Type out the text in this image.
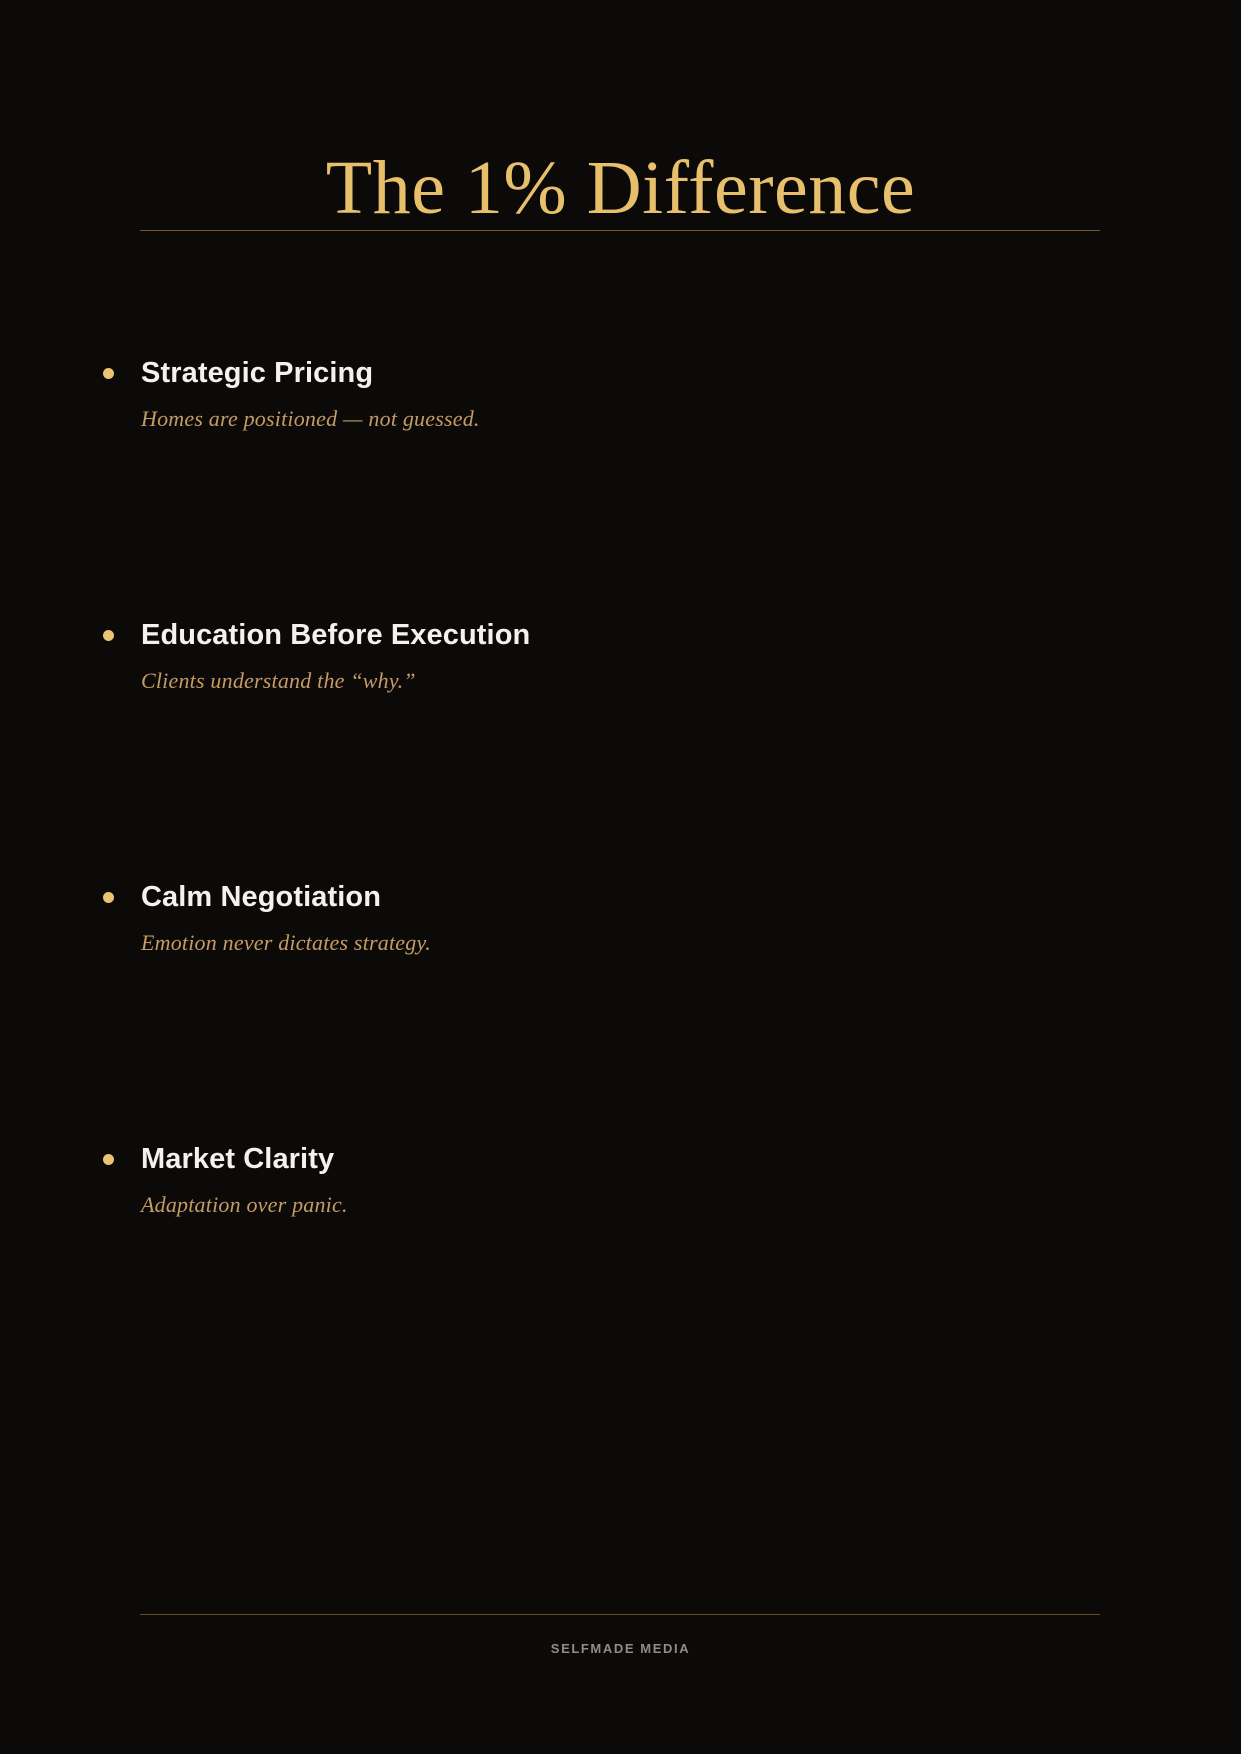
The 1% Difference
Strategic Pricing
Homes are positioned — not guessed.
Education Before Execution
Clients understand the “why.”
Calm Negotiation
Emotion never dictates strategy.
Market Clarity
Adaptation over panic.
SELFMADE MEDIA
